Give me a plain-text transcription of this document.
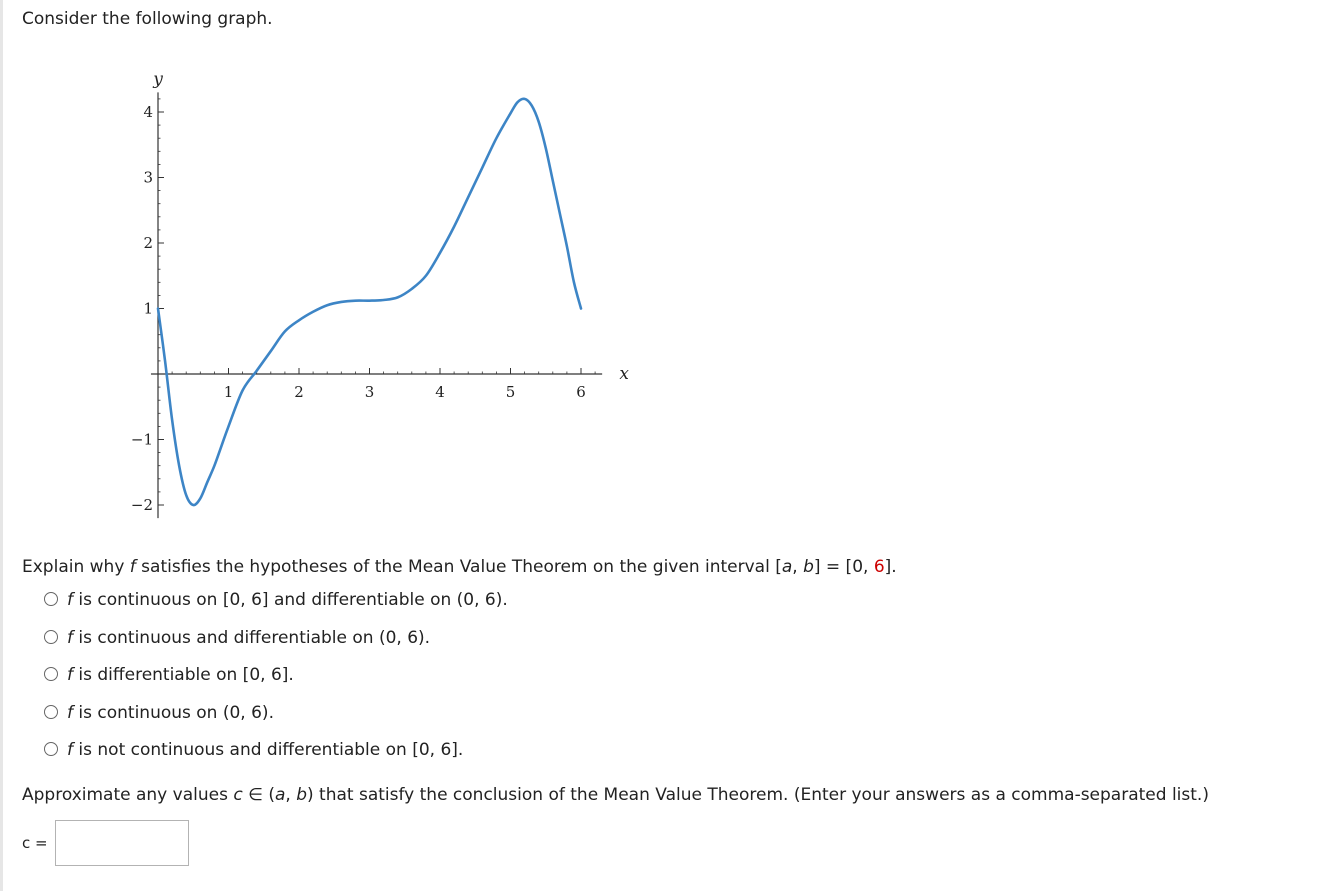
Consider the following graph.
1	2	3	4	5	6
4
3
2
1
−1
−2
x
y
Explain why f satisfies the hypotheses of the Mean Value Theorem on the given interval [a, b] = [0, 6].
f is continuous on [0, 6] and differentiable on (0, 6).
f is continuous and differentiable on (0, 6).
f is differentiable on [0, 6].
f is continuous on (0, 6).
f is not continuous and differentiable on [0, 6].
Approximate any values c ∈ (a, b) that satisfy the conclusion of the Mean Value Theorem. (Enter your answers as a comma-separated list.)
c =
